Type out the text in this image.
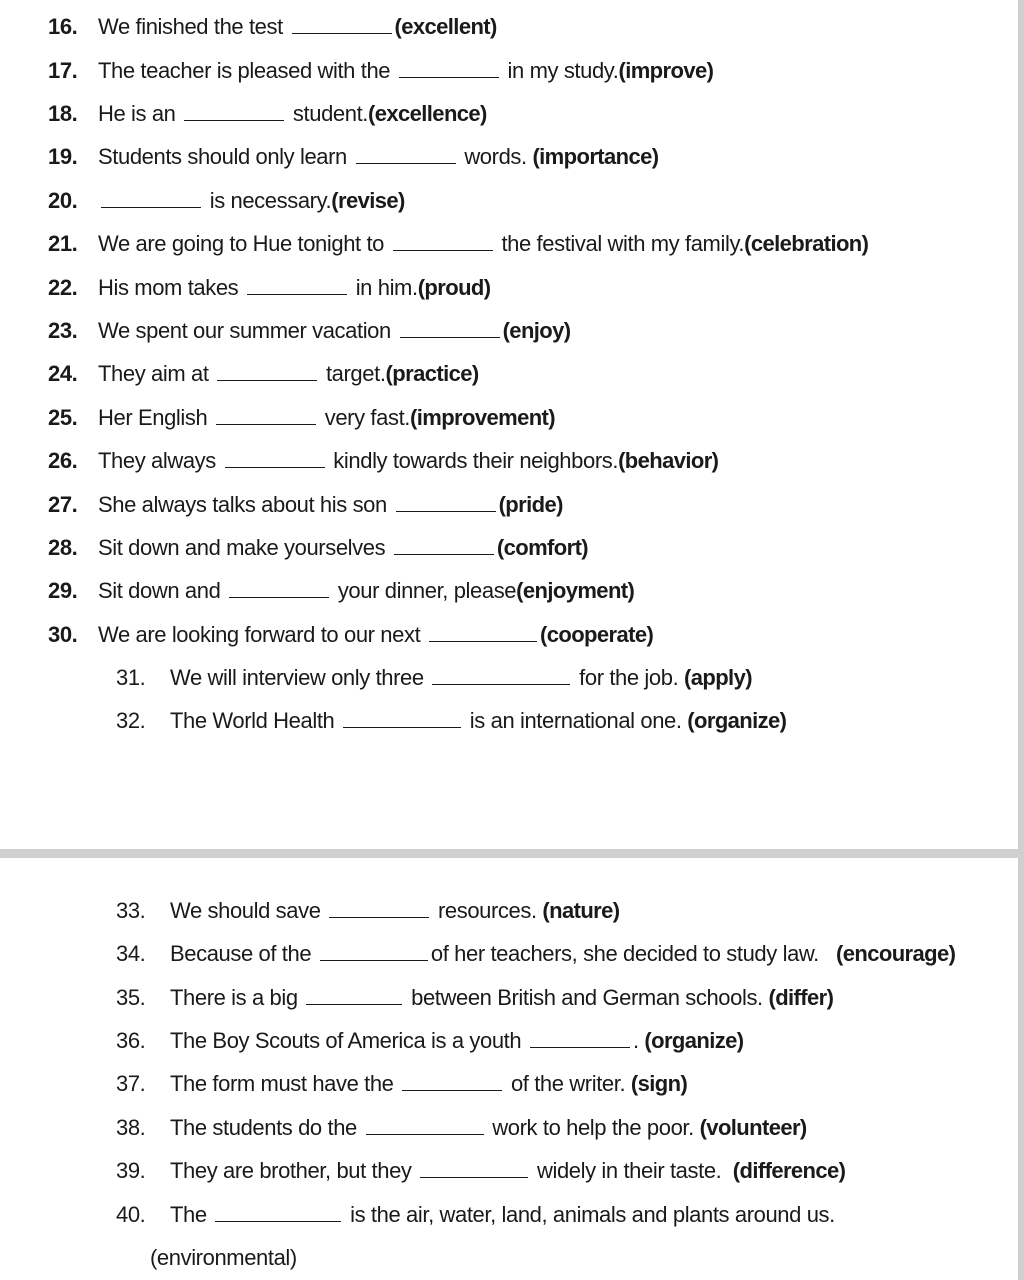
16. We finished the test	(excellent)
17. The teacher is pleased with the	in my study.(improve)
18. He is an	student.(excellence)
19. Students should only learn	words. (importance)
20.	is necessary.(revise)
21. We are going to Hue tonight to	the festival with my family.(celebration)
22. His mom takes	in him.(proud)
23. We spent our summer vacation	(enjoy)
24. They aim at	target.(practice)
25. Her English	very fast.(improvement)
26. They always	kindly towards their neighbors.(behavior)
27. She always talks about his son	(pride)
28. Sit down and make yourselves	(comfort)
29. Sit down and	your dinner, please(enjoyment)
30. We are looking forward to our next	(cooperate)
31. We will interview only three	for the job. (apply)
32. The World Health	is an international one. (organize)
33. We should save	resources. (nature)
34. Because of the	of her teachers, she decided to study law.   (encourage)
35. There is a big	between British and German schools. (differ)
36. The Boy Scouts of America is a youth	. (organize)
37. The form must have the	of the writer. (sign)
38. The students do the	work to help the poor. (volunteer)
39. They are brother, but they	widely in their taste.  (difference)
40. The	is the air, water, land, animals and plants around us.
(environmental)
